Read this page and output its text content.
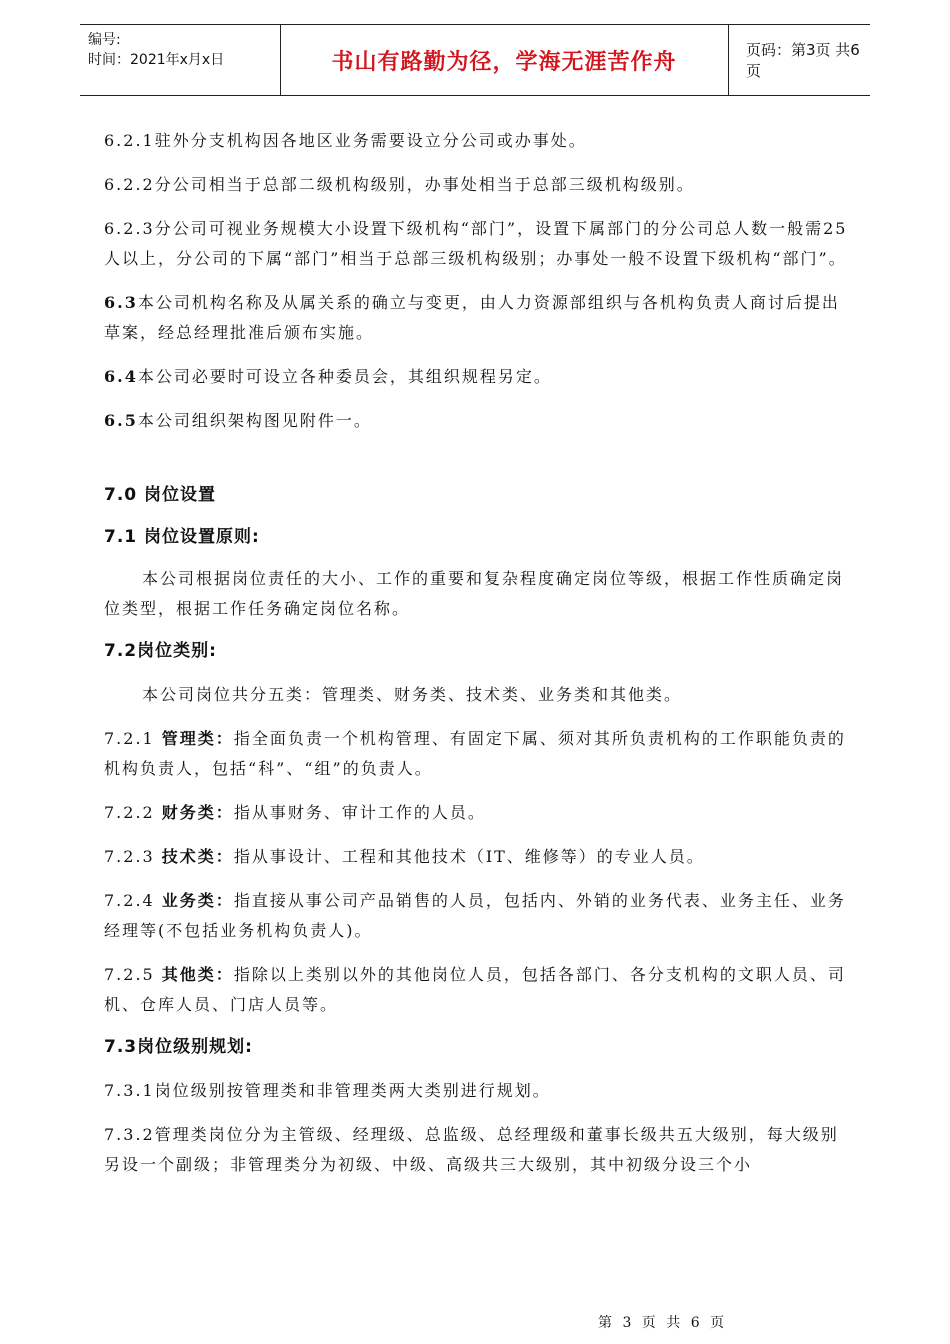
编号:
时间：2021年x月x日	书山有路勤为径，学海无涯苦作舟	页码：第3页 共6页

6.2.1驻外分支机构因各地区业务需要设立分公司或办事处。

6.2.2分公司相当于总部二级机构级别，办事处相当于总部三级机构级别。

6.2.3分公司可视业务规模大小设置下级机构“部门”，设置下属部门的分公司总人数一般需25人以上，分公司的下属“部门”相当于总部三级机构级别；办事处一般不设置下级机构“部门”。

6.3本公司机构名称及从属关系的确立与变更，由人力资源部组织与各机构负责人商讨后提出草案，经总经理批准后颁布实施。

6.4本公司必要时可设立各种委员会，其组织规程另定。

6.5本公司组织架构图见附件一。

7.0 岗位设置

7.1 岗位设置原则:

本公司根据岗位责任的大小、工作的重要和复杂程度确定岗位等级，根据工作性质确定岗位类型，根据工作任务确定岗位名称。

7.2岗位类别:

本公司岗位共分五类：管理类、财务类、技术类、业务类和其他类。

7.2.1 管理类：指全面负责一个机构管理、有固定下属、须对其所负责机构的工作职能负责的机构负责人，包括“科”、“组”的负责人。

7.2.2 财务类：指从事财务、审计工作的人员。

7.2.3 技术类：指从事设计、工程和其他技术（IT、维修等）的专业人员。

7.2.4 业务类：指直接从事公司产品销售的人员，包括内、外销的业务代表、业务主任、业务经理等(不包括业务机构负责人)。

7.2.5 其他类：指除以上类别以外的其他岗位人员，包括各部门、各分支机构的文职人员、司机、仓库人员、门店人员等。

7.3岗位级别规划:

7.3.1岗位级别按管理类和非管理类两大类别进行规划。

7.3.2管理类岗位分为主管级、经理级、总监级、总经理级和董事长级共五大级别，每大级别另设一个副级；非管理类分为初级、中级、高级共三大级别，其中初级分设三个小

第 3 页 共 6 页
